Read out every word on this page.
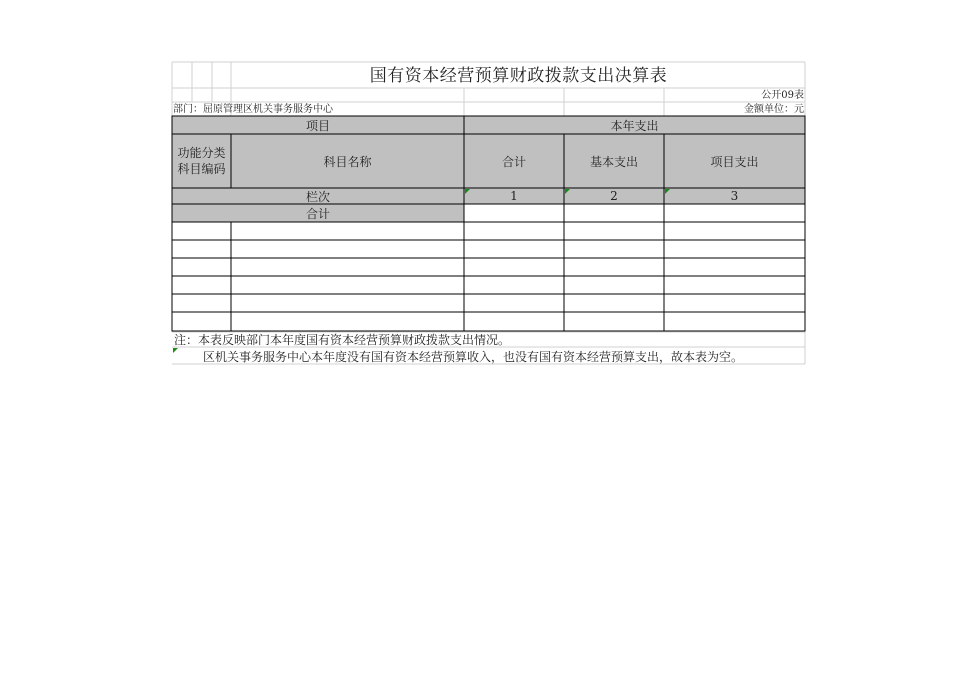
国有资本经营预算财政拨款支出决算表
公开09表
部门：屈原管理区机关事务服务中心	金额单位：元
项目	本年支出
功能分类
科目编码
科目名称	合计	基本支出	项目支出
栏次	1	2	3
合计
注：本表反映部门本年度国有资本经营预算财政拨款支出情况。
区机关事务服务中心本年度没有国有资本经营预算收入，也没有国有资本经营预算支出，故本表为空。
